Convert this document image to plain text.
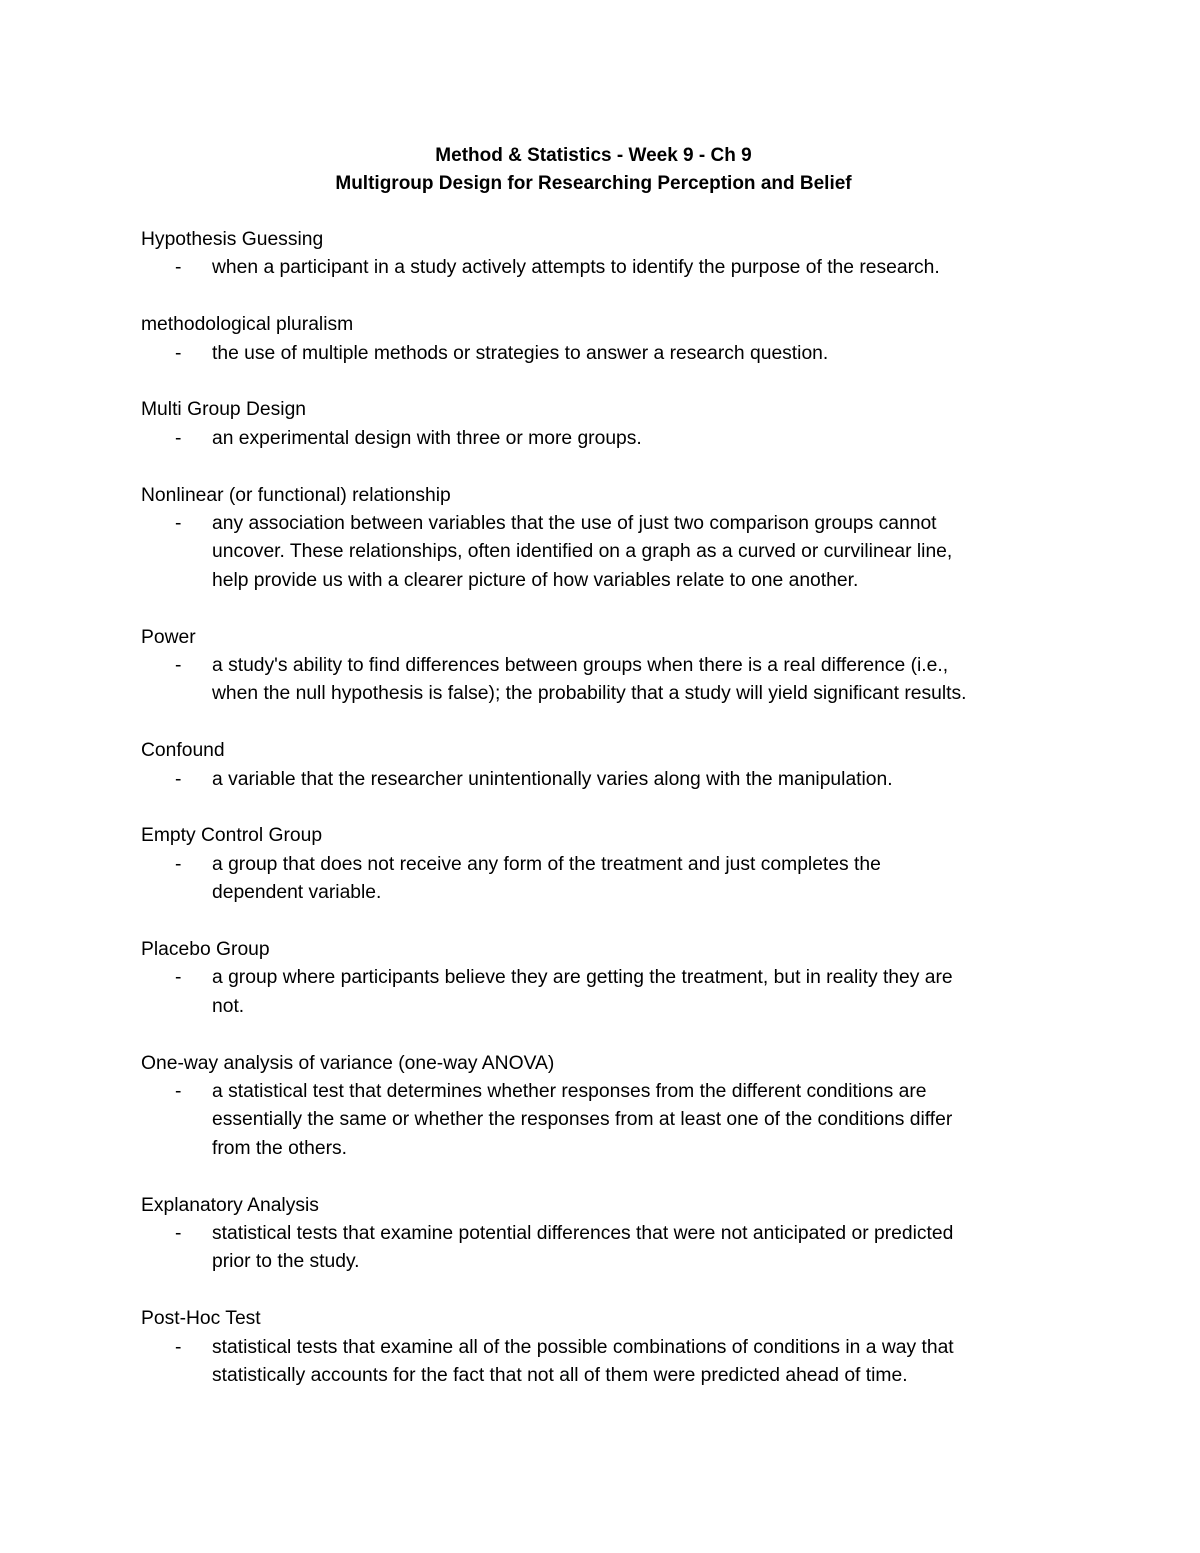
Method & Statistics - Week 9 - Ch 9
Multigroup Design for Researching Perception and Belief
Hypothesis Guessing
- when a participant in a study actively attempts to identify the purpose of the research.
methodological pluralism
- the use of multiple methods or strategies to answer a research question.
Multi Group Design
- an experimental design with three or more groups.
Nonlinear (or functional) relationship
- any association between variables that the use of just two comparison groups cannot
uncover. These relationships, often identified on a graph as a curved or curvilinear line,
help provide us with a clearer picture of how variables relate to one another.
Power
- a study's ability to find differences between groups when there is a real difference (i.e.,
when the null hypothesis is false); the probability that a study will yield significant results.
Confound
- a variable that the researcher unintentionally varies along with the manipulation.
Empty Control Group
- a group that does not receive any form of the treatment and just completes the
dependent variable.
Placebo Group
- a group where participants believe they are getting the treatment, but in reality they are
not.
One-way analysis of variance (one-way ANOVA)
- a statistical test that determines whether responses from the different conditions are
essentially the same or whether the responses from at least one of the conditions differ
from the others.
Explanatory Analysis
- statistical tests that examine potential differences that were not anticipated or predicted
prior to the study.
Post-Hoc Test
- statistical tests that examine all of the possible combinations of conditions in a way that
statistically accounts for the fact that not all of them were predicted ahead of time.
